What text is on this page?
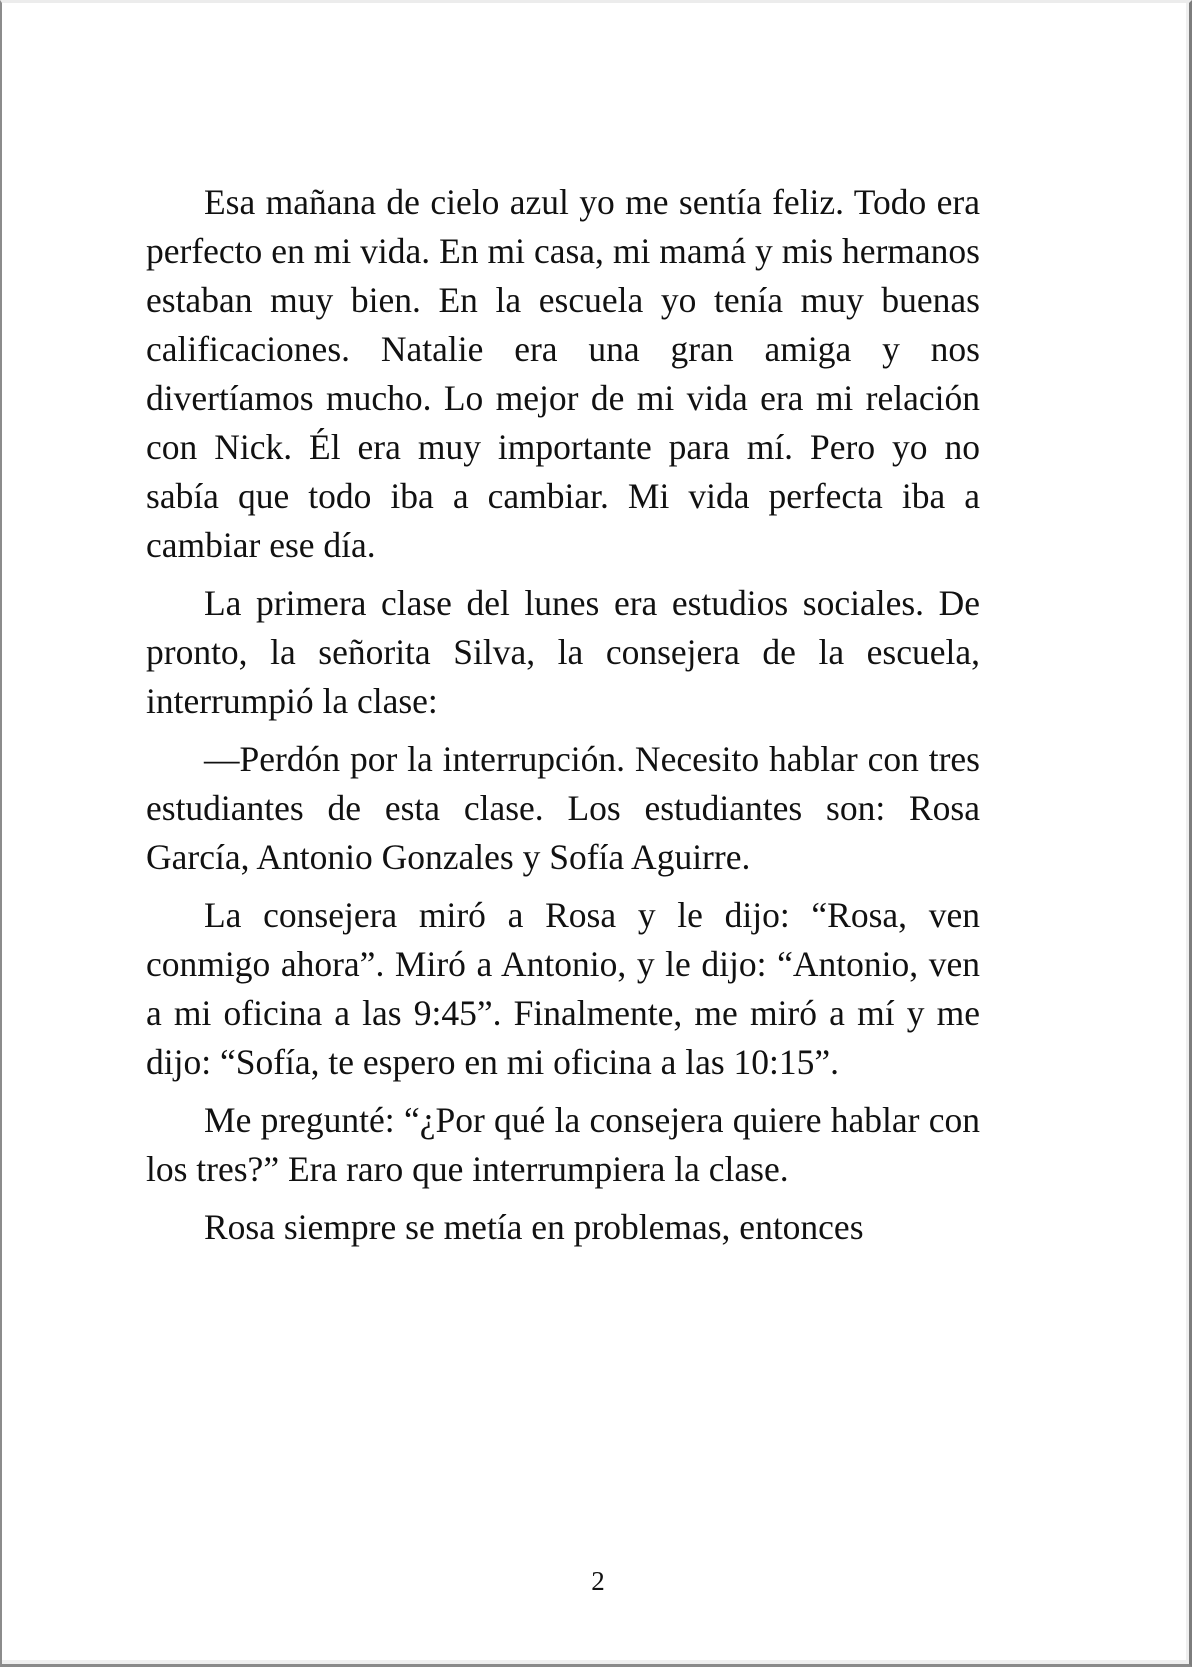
Esa mañana de cielo azul yo me sentía feliz. Todo era perfecto en mi vida. En mi casa, mi mamá y mis hermanos estaban muy bien. En la escuela yo tenía muy buenas calificaciones. Natalie era una gran amiga y nos divertíamos mucho. Lo mejor de mi vida era mi relación con Nick. Él era muy importante para mí. Pero yo no sabía que todo iba a cambiar. Mi vida perfecta iba a cambiar ese día.

La primera clase del lunes era estudios sociales. De pronto, la señorita Silva, la consejera de la escuela, interrumpió la clase:

—Perdón por la interrupción. Necesito hablar con tres estudiantes de esta clase. Los estudiantes son: Rosa García, Antonio Gonzales y Sofía Aguirre.

La consejera miró a Rosa y le dijo: “Rosa, ven conmigo ahora”. Miró a Antonio, y le dijo: “Antonio, ven a mi oficina a las 9:45”. Finalmente, me miró a mí y me dijo: “Sofía, te espero en mi oficina a las 10:15”.

Me pregunté: “¿Por qué la consejera quiere hablar con los tres?” Era raro que interrumpiera la clase.

Rosa siempre se metía en problemas, entonces

2
